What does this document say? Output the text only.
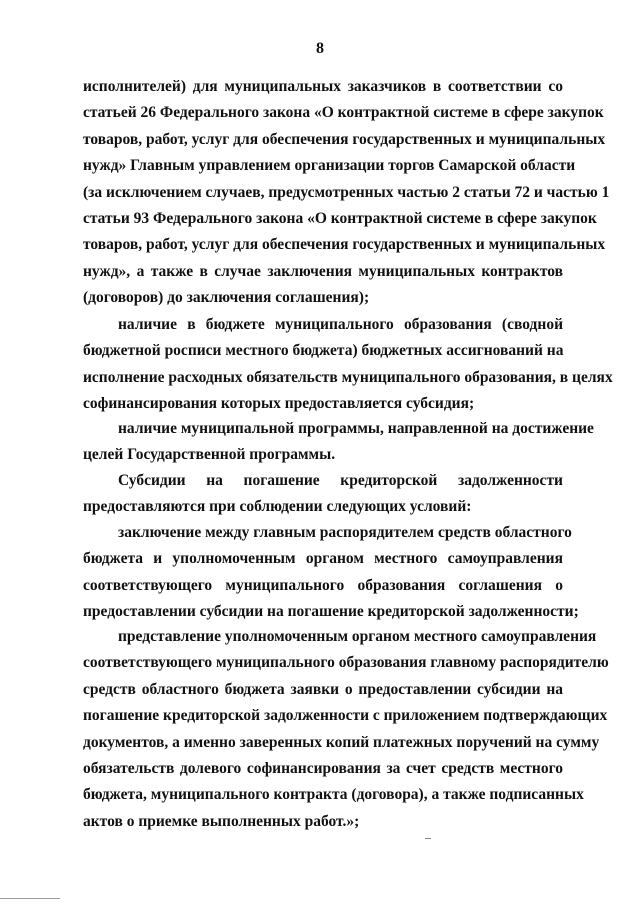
8
исполнителей) для муниципальных заказчиков в соответствии со
статьей 26 Федерального закона «О контрактной системе в сфере закупок
товаров, работ, услуг для обеспечения государственных и муниципальных
нужд» Главным управлением организации торгов Самарской области
(за исключением случаев, предусмотренных частью 2 статьи 72 и частью 1
статьи 93 Федерального закона «О контрактной системе в сфере закупок
товаров, работ, услуг для обеспечения государственных и муниципальных
нужд», а также в случае заключения муниципальных контрактов
(договоров) до заключения соглашения);
наличие в бюджете муниципального образования (сводной
бюджетной росписи местного бюджета) бюджетных ассигнований на
исполнение расходных обязательств муниципального образования, в целях
софинансирования которых предоставляется субсидия;
наличие муниципальной программы, направленной на достижение
целей Государственной программы.
Субсидии на погашение кредиторской задолженности
предоставляются при соблюдении следующих условий:
заключение между главным распорядителем средств областного
бюджета и уполномоченным органом местного самоуправления
соответствующего муниципального образования соглашения о
предоставлении субсидии на погашение кредиторской задолженности;
представление уполномоченным органом местного самоуправления
соответствующего муниципального образования главному распорядителю
средств областного бюджета заявки о предоставлении субсидии на
погашение кредиторской задолженности с приложением подтверждающих
документов, а именно заверенных копий платежных поручений на сумму
обязательств долевого софинансирования за счет средств местного
бюджета, муниципального контракта (договора), а также подписанных
актов о приемке выполненных работ.»;
